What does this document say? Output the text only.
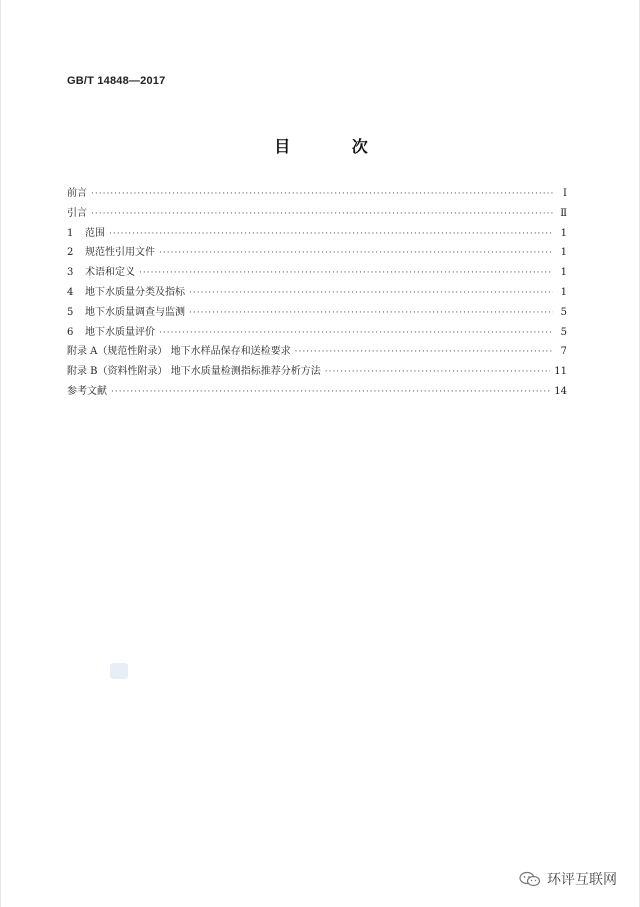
GB/T 14848—2017
目 次
前言 ·····	Ⅰ
引言 ·····	Ⅱ
1	范围 ·····	1
2	规范性引用文件 ·····	1
3	术语和定义 ·····	1
4	地下水质量分类及指标 ·····	1
5	地下水质量调查与监测 ·····	5
6	地下水质量评价 ·····	5
附录 A（规范性附录） 地下水样品保存和送检要求 ·····	7
附录 B（资料性附录） 地下水质量检测指标推荐分析方法 ·····	11
参考文献 ·····	14
环评互联网
